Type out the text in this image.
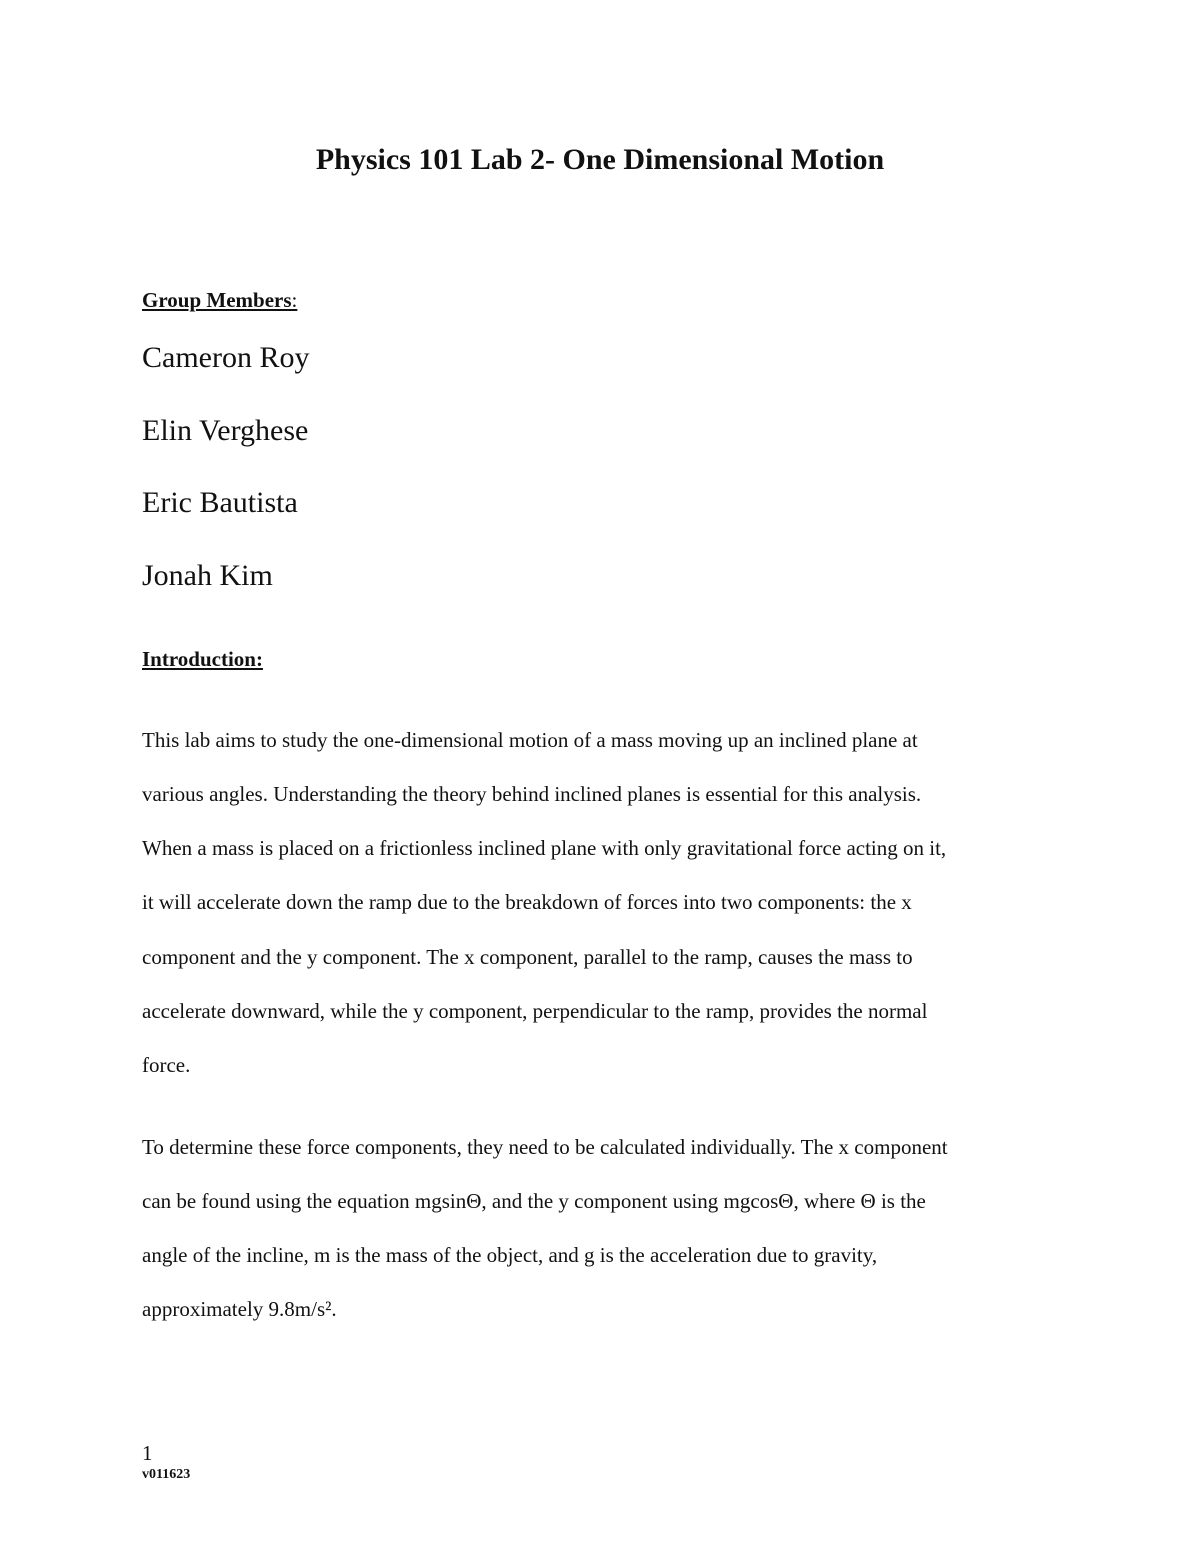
Physics 101 Lab 2- One Dimensional Motion
Group Members:
Cameron Roy
Elin Verghese
Eric Bautista
Jonah Kim
Introduction:
This lab aims to study the one-dimensional motion of a mass moving up an inclined plane at
various angles. Understanding the theory behind inclined planes is essential for this analysis.
When a mass is placed on a frictionless inclined plane with only gravitational force acting on it,
it will accelerate down the ramp due to the breakdown of forces into two components: the x
component and the y component. The x component, parallel to the ramp, causes the mass to
accelerate downward, while the y component, perpendicular to the ramp, provides the normal
force.
To determine these force components, they need to be calculated individually. The x component
can be found using the equation mgsinΘ, and the y component using mgcosΘ, where Θ is the
angle of the incline, m is the mass of the object, and g is the acceleration due to gravity,
approximately 9.8m/s².
1
v011623
